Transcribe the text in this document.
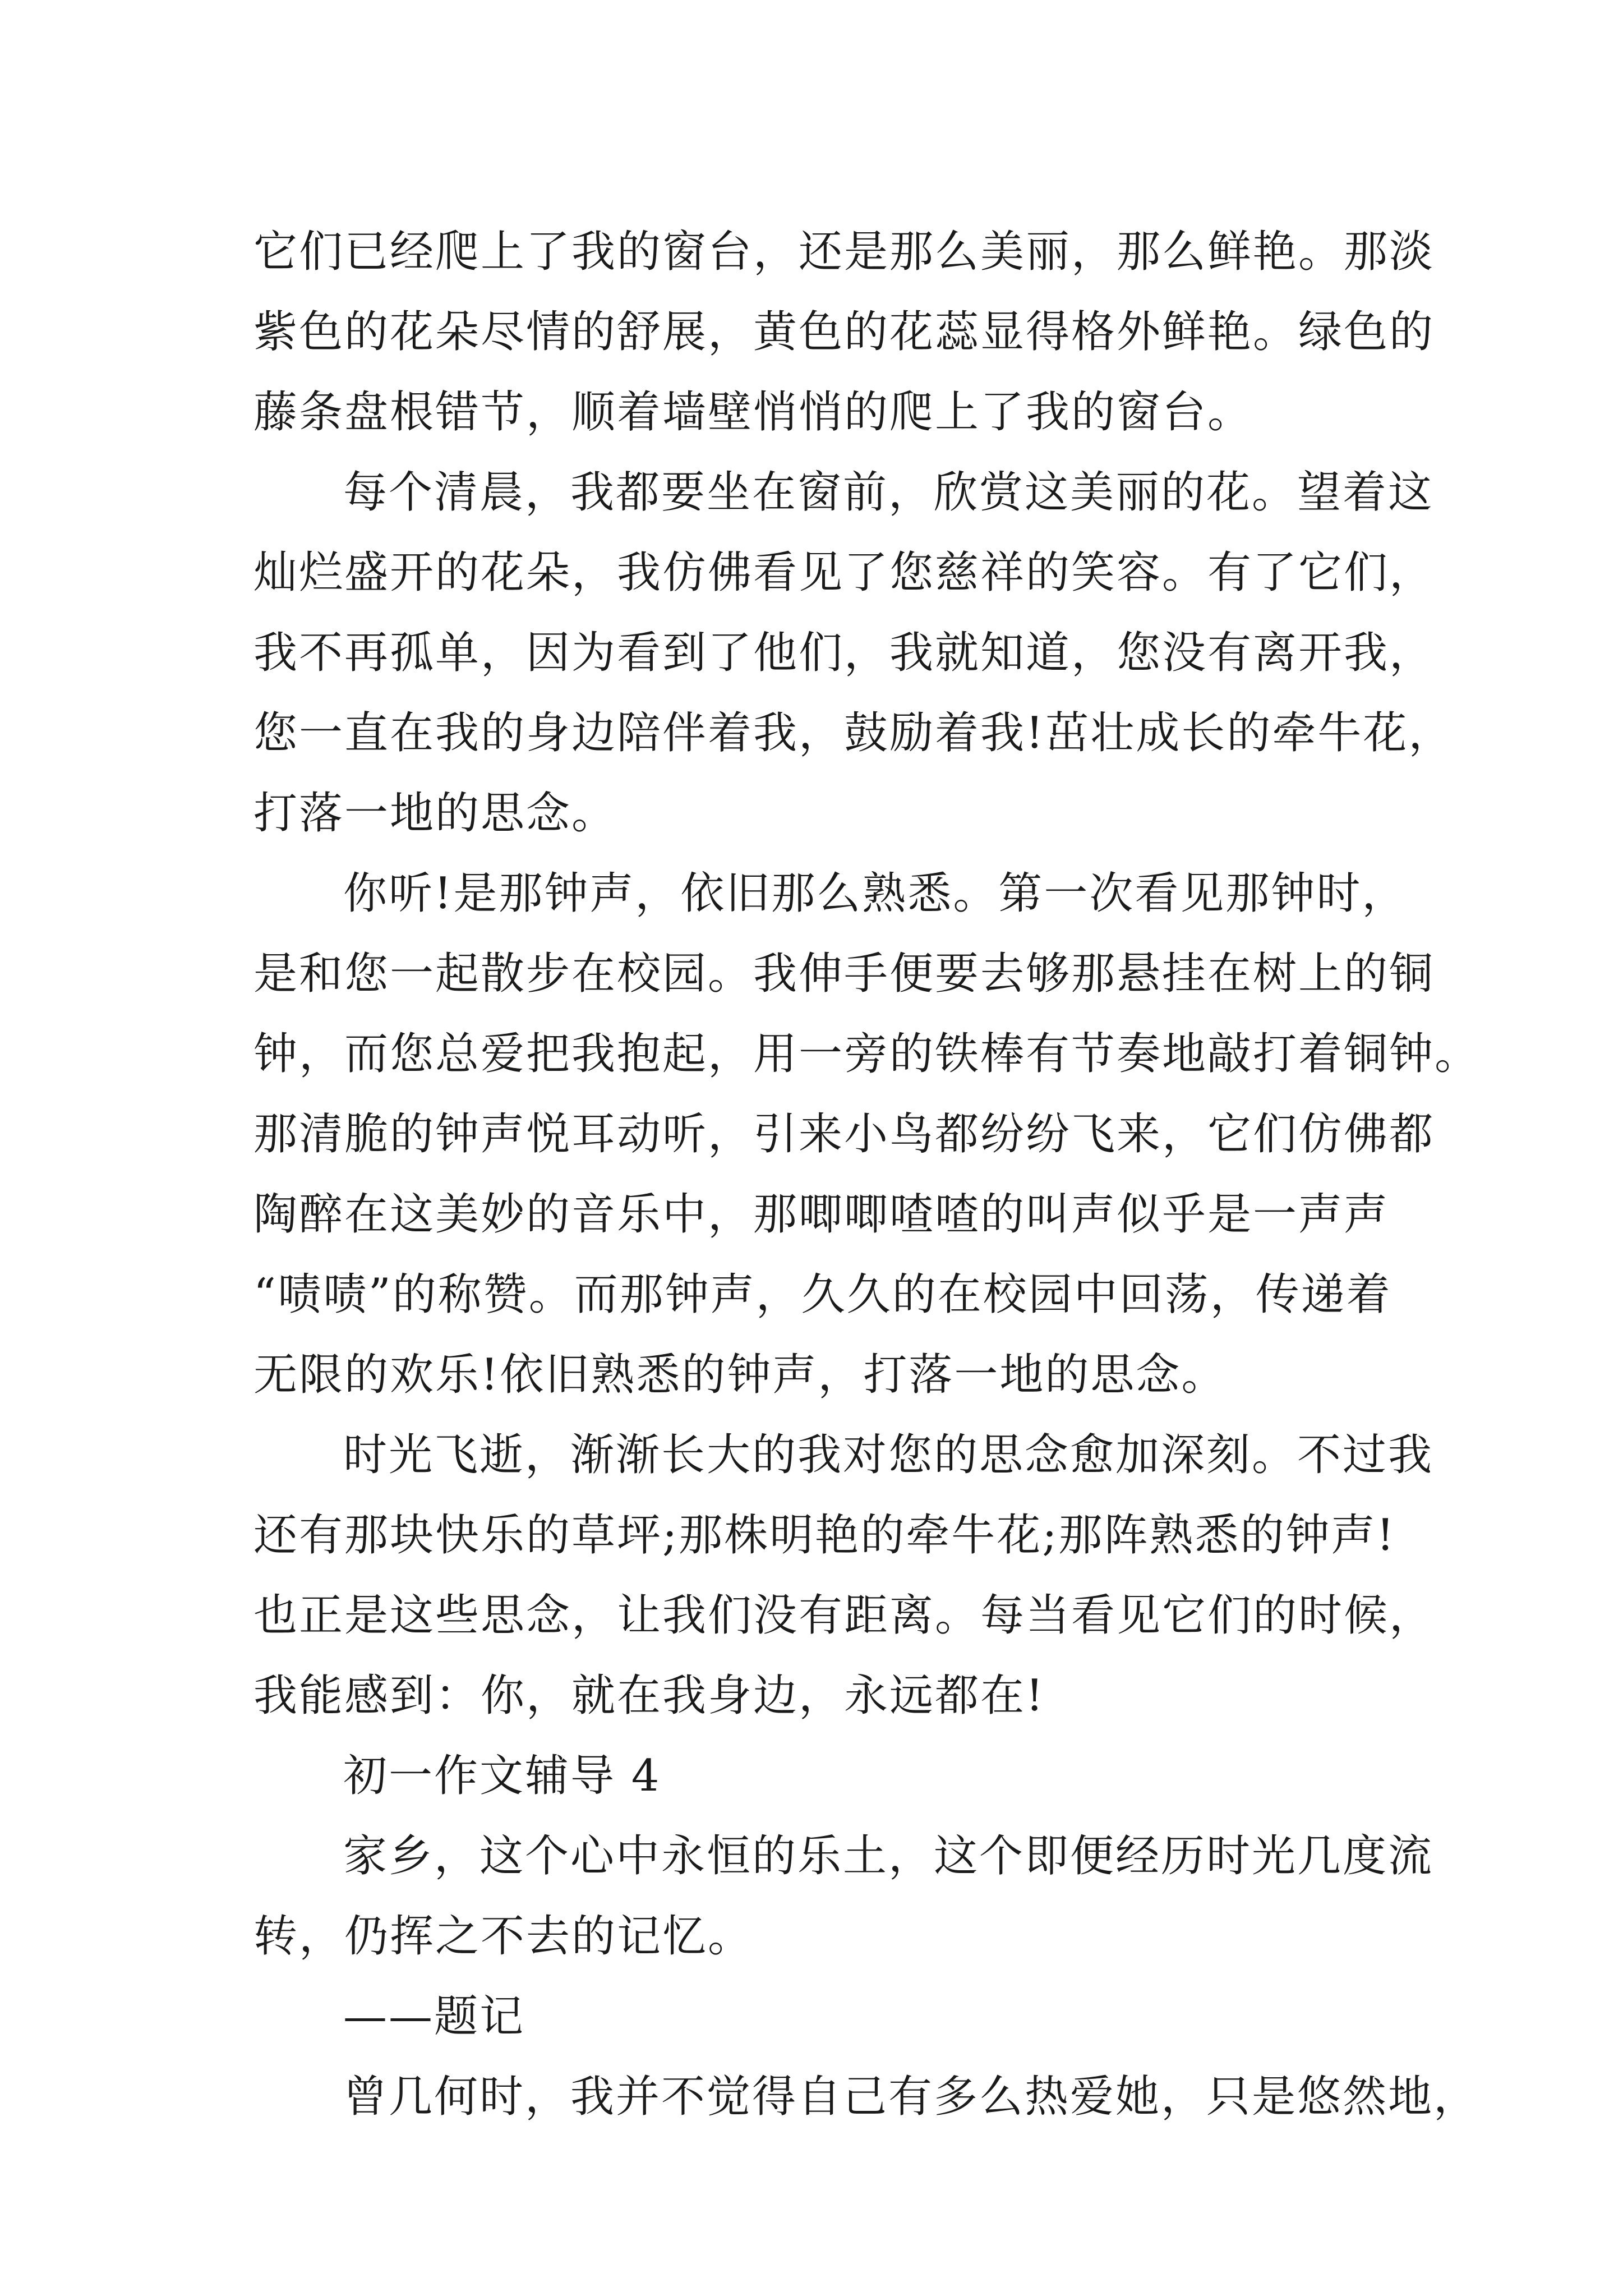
它们已经爬上了我的窗台，还是那么美丽，那么鲜艳。那淡
紫色的花朵尽情的舒展，黄色的花蕊显得格外鲜艳。绿色的
藤条盘根错节，顺着墙壁悄悄的爬上了我的窗台。
每个清晨，我都要坐在窗前，欣赏这美丽的花。望着这
灿烂盛开的花朵，我仿佛看见了您慈祥的笑容。有了它们，
我不再孤单，因为看到了他们，我就知道，您没有离开我，
您一直在我的身边陪伴着我，鼓励着我!茁壮成长的牵牛花，
打落一地的思念。
你听!是那钟声，依旧那么熟悉。第一次看见那钟时，
是和您一起散步在校园。我伸手便要去够那悬挂在树上的铜
钟，而您总爱把我抱起，用一旁的铁棒有节奏地敲打着铜钟。
那清脆的钟声悦耳动听，引来小鸟都纷纷飞来，它们仿佛都
陶醉在这美妙的音乐中，那唧唧喳喳的叫声似乎是一声声
“啧啧”的称赞。而那钟声，久久的在校园中回荡，传递着
无限的欢乐!依旧熟悉的钟声，打落一地的思念。
时光飞逝，渐渐长大的我对您的思念愈加深刻。不过我
还有那块快乐的草坪;那株明艳的牵牛花;那阵熟悉的钟声!
也正是这些思念，让我们没有距离。每当看见它们的时候，
我能感到：你，就在我身边，永远都在!
初一作文辅导 4
家乡，这个心中永恒的乐土，这个即便经历时光几度流
转，仍挥之不去的记忆。
——题记
曾几何时，我并不觉得自己有多么热爱她，只是悠然地，
